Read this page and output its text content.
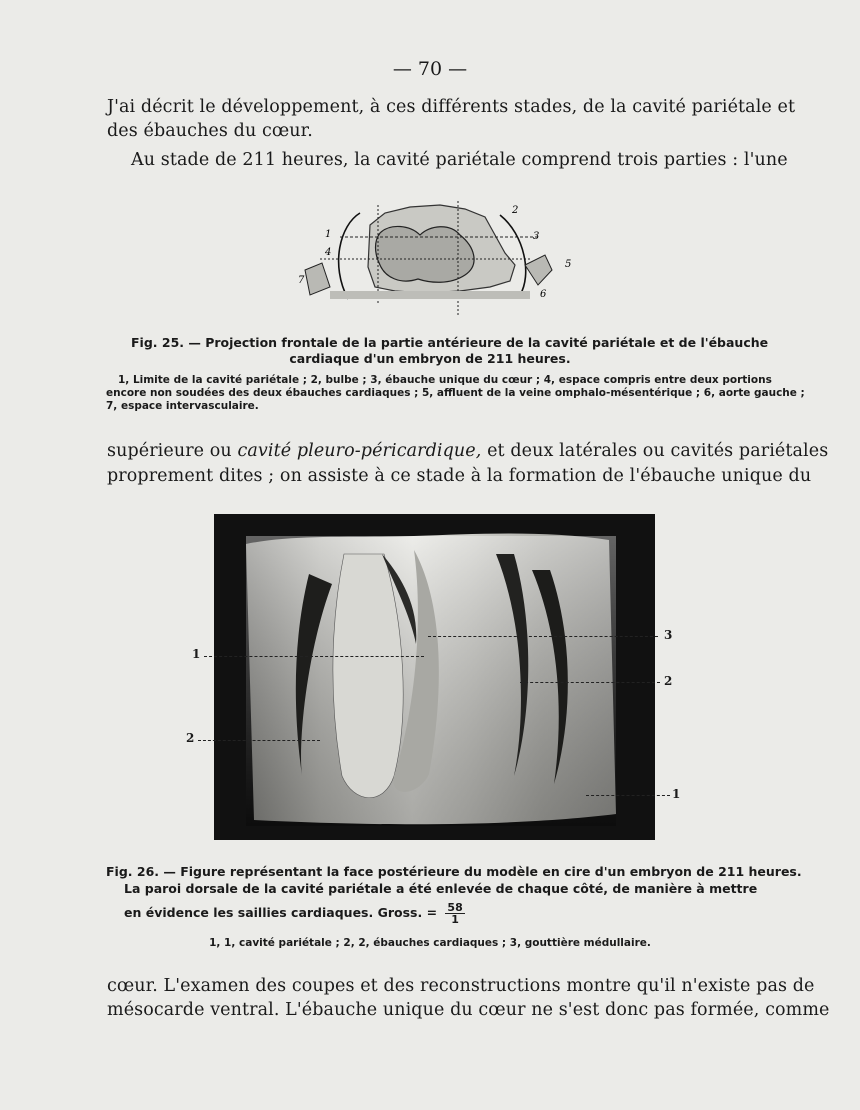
— 70 —
J'ai décrit le développement, à ces différents stades, de la cavité pariétale et
des ébauches du cœur.
Au stade de 211 heures, la cavité pariétale comprend trois parties : l'une
2
1	3
4
5
6
7
Fig. 25. — Projection frontale de la partie antérieure de la cavité pariétale et de l'ébauche
cardiaque d'un embryon de 211 heures.
1, Limite de la cavité pariétale ; 2, bulbe ; 3, ébauche unique du cœur ; 4, espace compris entre deux portions
encore non soudées des deux ébauches cardiaques ; 5, affluent de la veine omphalo-mésentérique ; 6, aorte gauche ;
7, espace intervasculaire.
supérieure ou cavité pleuro-péricardique, et deux latérales ou cavités pariétales
proprement dites ; on assiste à ce stade à la formation de l'ébauche unique du
1
2
3
2
1
Fig. 26. — Figure représentant la face postérieure du modèle en cire d'un embryon de 211 heures.
La paroi dorsale de la cavité pariétale a été enlevée de chaque côté, de manière à mettre
en évidence les saillies cardiaques. Gross. = $\frac{58}{1}$
1, 1, cavité pariétale ; 2, 2, ébauches cardiaques ; 3, gouttière médullaire.
cœur. L'examen des coupes et des reconstructions montre qu'il n'existe pas de
mésocarde ventral. L'ébauche unique du cœur ne s'est donc pas formée, comme
